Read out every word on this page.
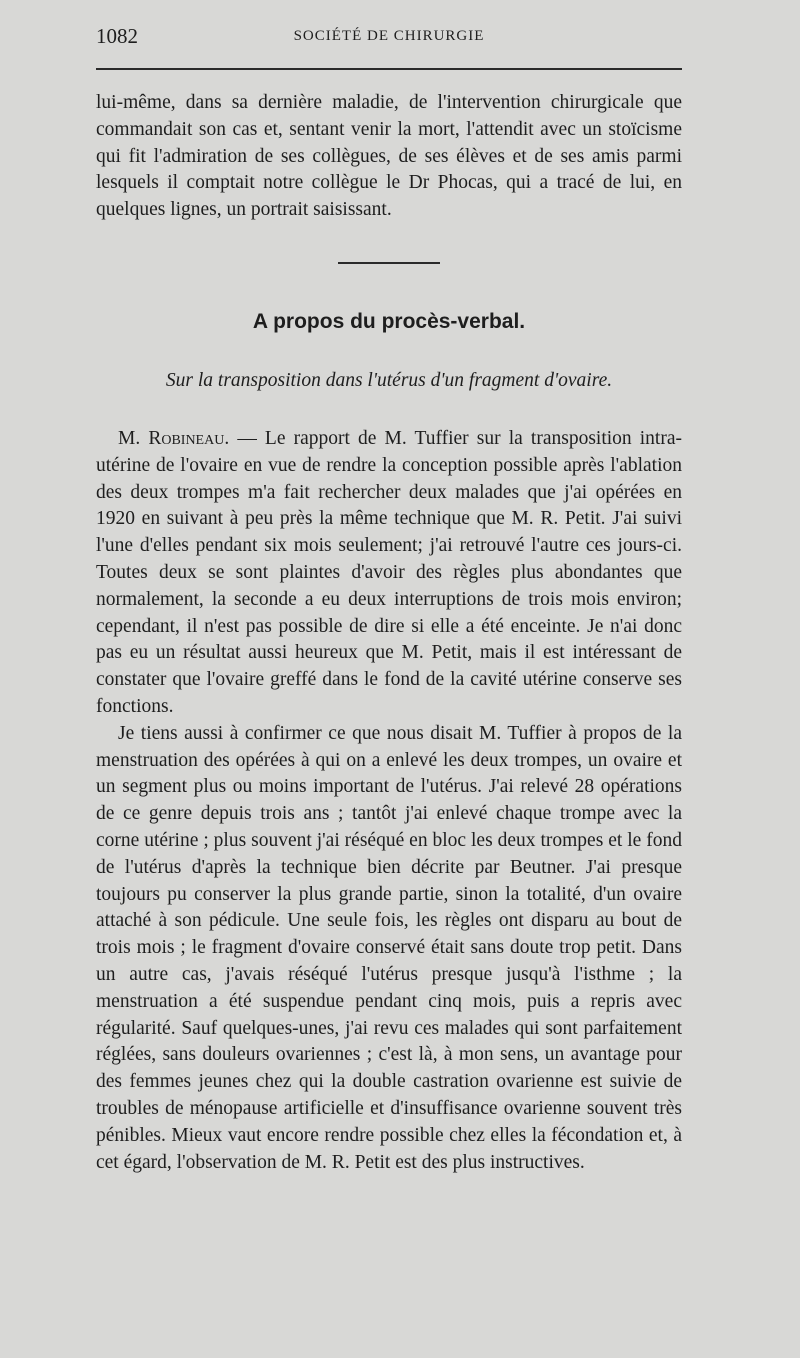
1082	SOCIÉTÉ DE CHIRURGIE

lui-même, dans sa dernière maladie, de l'intervention chirurgicale que commandait son cas et, sentant venir la mort, l'attendit avec un stoïcisme qui fit l'admiration de ses collègues, de ses élèves et de ses amis parmi lesquels il comptait notre collègue le Dr Phocas, qui a tracé de lui, en quelques lignes, un portrait saisissant.

A propos du procès-verbal.
Sur la transposition dans l'utérus d'un fragment d'ovaire.

M. Robineau. — Le rapport de M. Tuffier sur la transposition intra-utérine de l'ovaire en vue de rendre la conception possible après l'ablation des deux trompes m'a fait rechercher deux malades que j'ai opérées en 1920 en suivant à peu près la même technique que M. R. Petit. J'ai suivi l'une d'elles pendant six mois seulement; j'ai retrouvé l'autre ces jours-ci. Toutes deux se sont plaintes d'avoir des règles plus abondantes que normalement, la seconde a eu deux interruptions de trois mois environ; cependant, il n'est pas possible de dire si elle a été enceinte. Je n'ai donc pas eu un résultat aussi heureux que M. Petit, mais il est intéressant de constater que l'ovaire greffé dans le fond de la cavité utérine conserve ses fonctions.

Je tiens aussi à confirmer ce que nous disait M. Tuffier à propos de la menstruation des opérées à qui on a enlevé les deux trompes, un ovaire et un segment plus ou moins important de l'utérus. J'ai relevé 28 opérations de ce genre depuis trois ans ; tantôt j'ai enlevé chaque trompe avec la corne utérine ; plus souvent j'ai réséqué en bloc les deux trompes et le fond de l'utérus d'après la technique bien décrite par Beutner. J'ai presque toujours pu conserver la plus grande partie, sinon la totalité, d'un ovaire attaché à son pédicule. Une seule fois, les règles ont disparu au bout de trois mois ; le fragment d'ovaire conservé était sans doute trop petit. Dans un autre cas, j'avais réséqué l'utérus presque jusqu'à l'isthme ; la menstruation a été suspendue pendant cinq mois, puis a repris avec régularité. Sauf quelques-unes, j'ai revu ces malades qui sont parfaitement réglées, sans douleurs ovariennes ; c'est là, à mon sens, un avantage pour des femmes jeunes chez qui la double castration ovarienne est suivie de troubles de ménopause artificielle et d'insuffisance ovarienne souvent très pénibles. Mieux vaut encore rendre possible chez elles la fécondation et, à cet égard, l'observation de M. R. Petit est des plus instructives.
